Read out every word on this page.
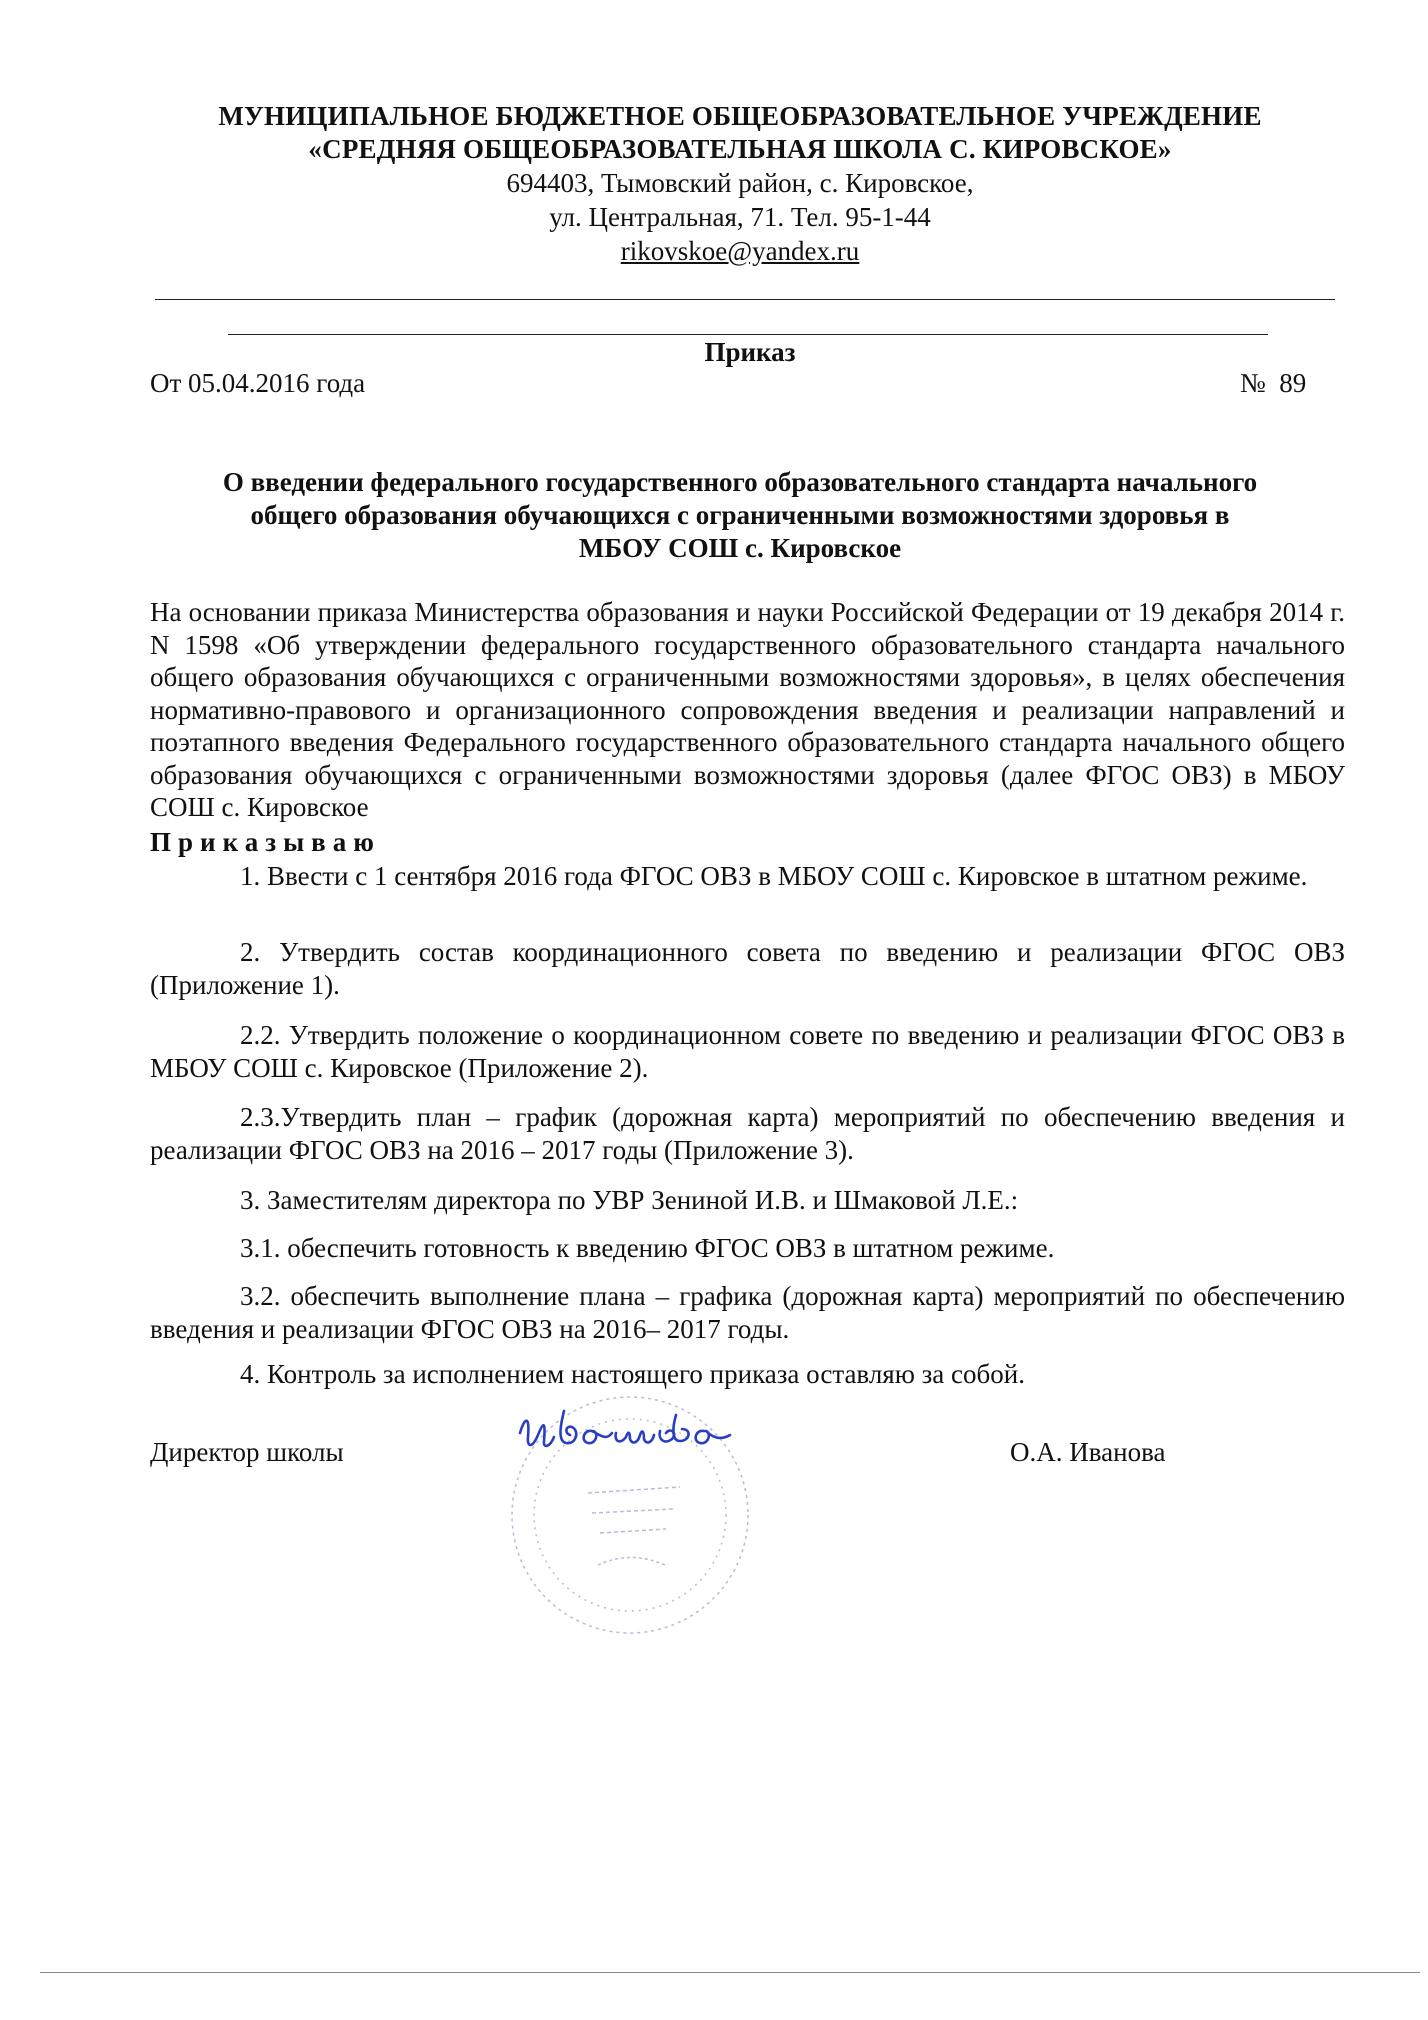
МУНИЦИПАЛЬНОЕ БЮДЖЕТНОЕ ОБЩЕОБРАЗОВАТЕЛЬНОЕ УЧРЕЖДЕНИЕ
«СРЕДНЯЯ ОБЩЕОБРАЗОВАТЕЛЬНАЯ ШКОЛА С. КИРОВСКОЕ»
694403, Тымовский район, с. Кировское,
ул. Центральная, 71. Тел. 95-1-44
rikovskoe@yandex.ru
Приказ
От 05.04.2016 года	№  89
О введении федерального государственного образовательного стандарта начального
общего образования обучающихся с ограниченными возможностями здоровья в
МБОУ СОШ с. Кировское
На основании приказа Министерства образования и науки Российской Федерации от 19 декабря 2014 г. N 1598 «Об утверждении федерального государственного образовательного стандарта начального общего образования обучающихся с ограниченными возможностями здоровья», в целях обеспечения нормативно-правового и организационного сопровождения введения и реализации направлений и поэтапного введения Федерального государственного образовательного стандарта начального общего образования обучающихся с ограниченными возможностями здоровья (далее ФГОС ОВЗ) в МБОУ СОШ с. Кировское
Приказываю

1. Ввести с 1 сентября 2016 года ФГОС ОВЗ в МБОУ СОШ с. Кировское в штатном режиме.

2. Утвердить состав координационного совета по введению и реализации ФГОС ОВЗ (Приложение 1).

2.2. Утвердить положение о координационном совете по введению и реализации ФГОС ОВЗ в МБОУ СОШ с. Кировское (Приложение 2).

2.3.Утвердить план – график (дорожная карта) мероприятий по обеспечению введения и реализации ФГОС ОВЗ на 2016 – 2017 годы (Приложение 3).

3. Заместителям директора по УВР Зениной И.В. и Шмаковой Л.Е.:

3.1. обеспечить готовность к введению ФГОС ОВЗ в штатном режиме.

3.2. обеспечить выполнение плана – графика (дорожная карта) мероприятий по обеспечению введения и реализации ФГОС ОВЗ на 2016– 2017 годы.

4. Контроль за исполнением настоящего приказа оставляю за собой.

Директор школы	О.А. Иванова
